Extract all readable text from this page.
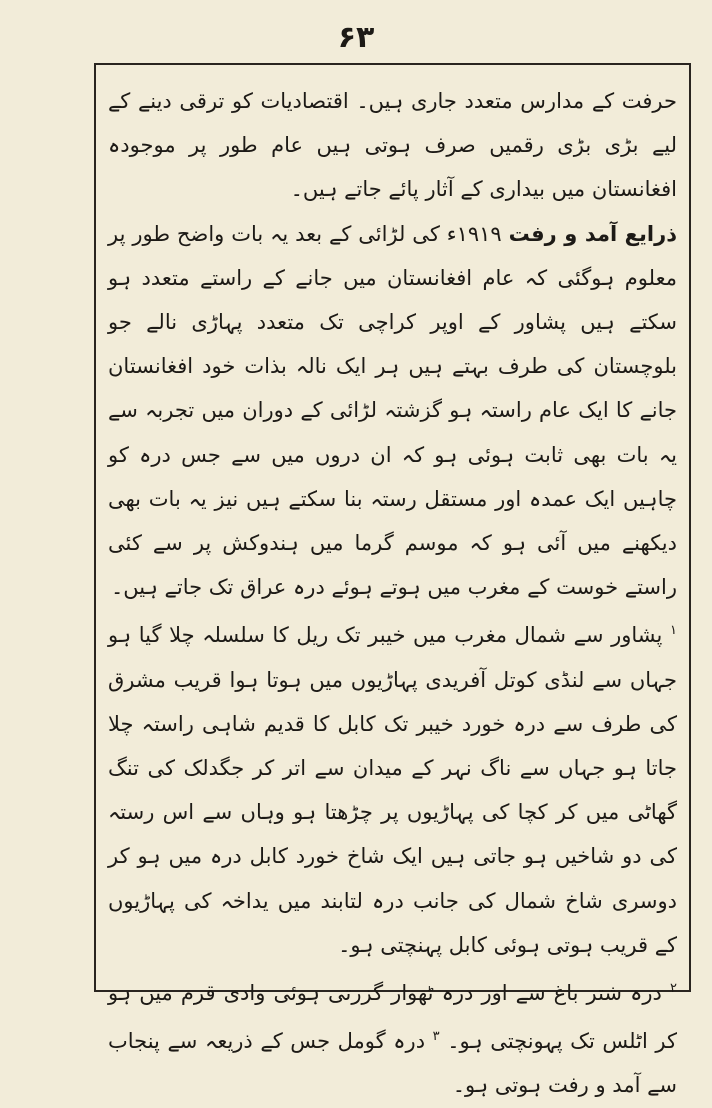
۶۳

حرفت کے مدارس متعدد جاری ہیں۔ اقتصادیات کو ترقی دینے کے لیے بڑی بڑی رقمیں صرف ہوتی ہیں عام طور پر موجودہ افغانستان میں بیداری کے آثار پائے جاتے ہیں۔

ذرایع آمد و رفت ۱۹۱۹ء کی لڑائی کے بعد یہ بات واضح طور پر معلوم ہوگئی کہ عام افغانستان میں جانے کے راستے متعدد ہو سکتے ہیں پشاور کے اوپر کراچی تک متعدد پہاڑی نالے جو بلوچستان کی طرف بہتے ہیں ہر ایک نالہ بذات خود افغانستان جانے کا ایک عام راستہ ہو گزشتہ لڑائی کے دوران میں تجربہ سے یہ بات بھی ثابت ہوئی ہو کہ ان دروں میں سے جس درہ کو چاہیں ایک عمدہ اور مستقل رستہ بنا سکتے ہیں نیز یہ بات بھی دیکھنے میں آئی ہو کہ موسم گرما میں ہندوکش پر سے کئی راستے خوست کے مغرب میں ہوتے ہوئے درہ عراق تک جاتے ہیں۔

$^۱$ پشاور سے شمال مغرب میں خیبر تک ریل کا سلسلہ چلا گیا ہو جہاں سے لنڈی کوتل آفریدی پہاڑیوں میں ہوتا ہوا قریب مشرق کی طرف سے درہ خورد خیبر تک کابل کا قدیم شاہی راستہ چلا جاتا ہو جہاں سے ناگ نہر کے میدان سے اتر کر جگدلک کی تنگ گھاٹی میں کر کچا کی پہاڑیوں پر چڑھتا ہو وہاں سے اس رستہ کی دو شاخیں ہو جاتی ہیں ایک شاخ خورد کابل درہ میں ہو کر دوسری شاخ شمال کی جانب درہ لتابند میں یداخہ کی پہاڑیوں کے قریب ہوتی ہوئی کابل پہنچتی ہو۔

$^۲$ درہ شتر باغ سے اور درہ ٹھوار گزرتی ہوئی وادی قرم میں ہو کر اٹلس تک پہونچتی ہو۔ $^۳$ درہ گومل جس کے ذریعہ سے پنجاب سے آمد و رفت ہوتی ہو۔
